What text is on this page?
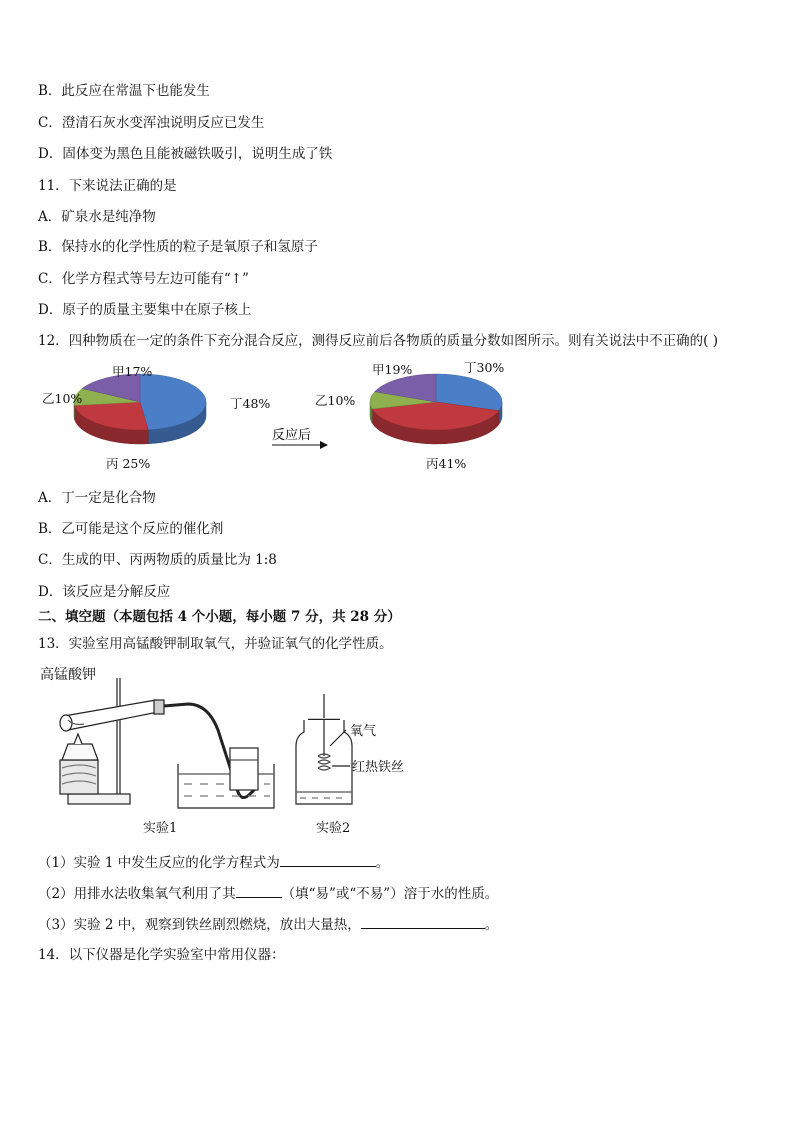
B．此反应在常温下也能发生
C．澄清石灰水变浑浊说明反应已发生
D．固体变为黑色且能被磁铁吸引，说明生成了铁
11．下来说法正确的是
A．矿泉水是纯净物
B．保持水的化学性质的粒子是氧原子和氢原子
C．化学方程式等号左边可能有“↑”
D．原子的质量主要集中在原子核上
12．四种物质在一定的条件下充分混合反应，测得反应前后各物质的质量分数如图所示。则有关说法中不正确的( )
甲17%
乙10%
丙 25%
丁48%
甲19%
乙10%
丙41%
丁30%
反应后
A．丁一定是化合物
B．乙可能是这个反应的催化剂
C．生成的甲、丙两物质的质量比为 1:8
D．该反应是分解反应
二、填空题（本题包括 4 个小题，每小题 7 分，共 28 分）
13．实验室用高锰酸钾制取氧气，并验证氧气的化学性质。
高锰酸钾
氧气
红热铁丝
实验1	实验2
（1）实验 1 中发生反应的化学方程式为	。
（2）用排水法收集氧气利用了其	（填“易”或“不易”）溶于水的性质。
（3）实验 2 中，观察到铁丝剧烈燃烧，放出大量热，	。
14．以下仪器是化学实验室中常用仪器：
